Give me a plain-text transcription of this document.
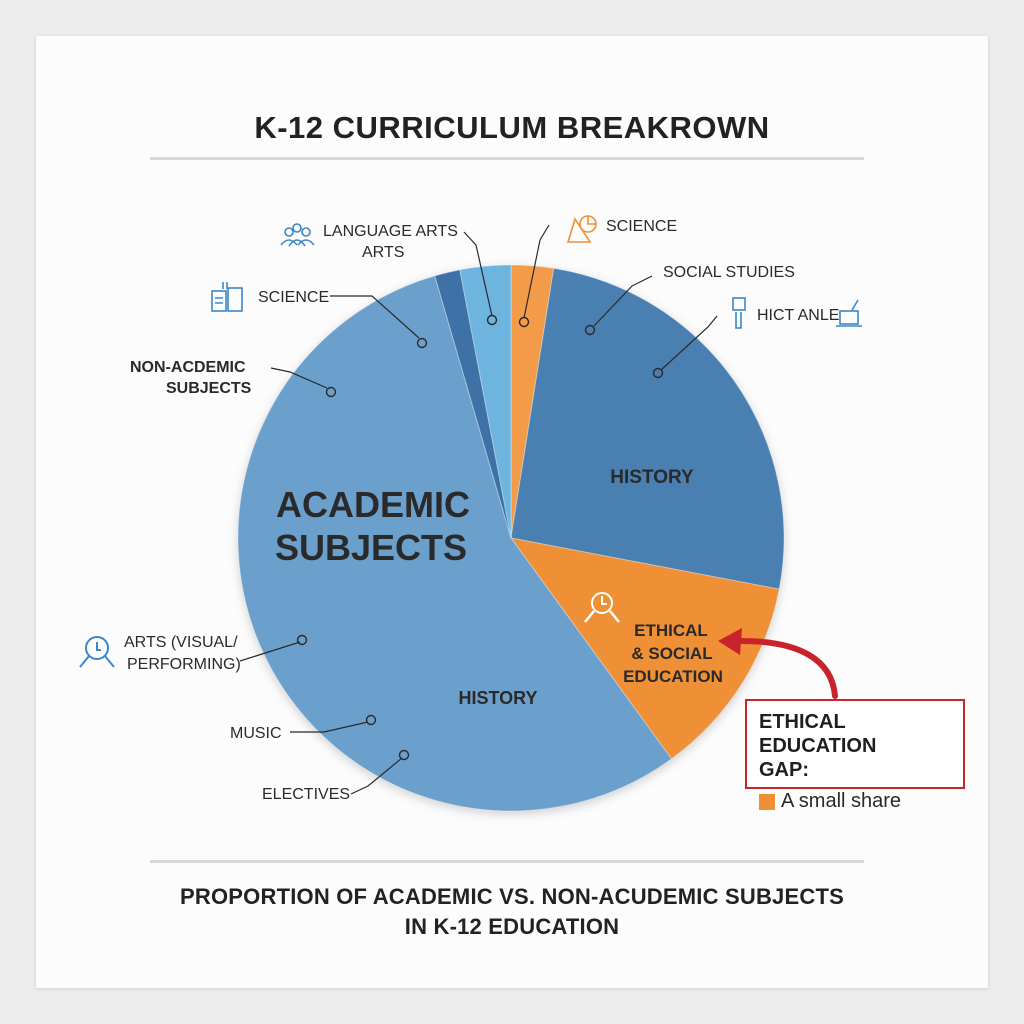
K-12 CURRICULUM BREAKROWN
ACADEMIC
SUBJECTS
HISTORY
HISTORY
ETHICAL
& SOCIAL
EDUCATION
LANGUAGE ARTS
ARTS
SCIENCE
SOCIAL STUDIES
HICT ANLE
SCIENCE
NON-ACDEMIC
SUBJECTS
ARTS (VISUAL/
PERFORMING)
MUSIC
ELECTIVES
ETHICAL EDUCATION
GAP:
A small share
PROPORTION OF ACADEMIC VS. NON-ACUDEMIC SUBJECTS
IN K-12 EDUCATION
